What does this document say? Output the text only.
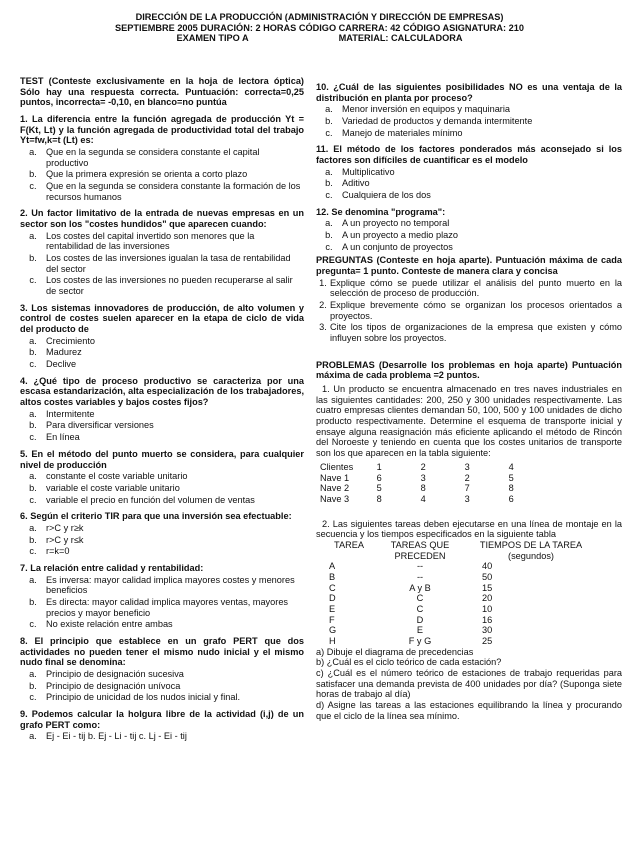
DIRECCIÓN DE LA PRODUCCIÓN (ADMINISTRACIÓN Y DIRECCIÓN DE EMPRESAS)
SEPTIEMBRE 2005 DURACIÓN: 2 HORAS CÓDIGO CARRERA: 42 CÓDIGO ASIGNATURA: 210
EXAMEN TIPO A	MATERIAL: CALCULADORA
TEST (Conteste exclusivamente en la hoja de lectora óptica) Sólo hay una respuesta correcta. Puntuación: correcta=0,25 puntos, incorrecta= -0,10, en blanco=no puntúa
1. La diferencia entre la función agregada de producción Yt = F(Kt, Lt) y la función agregada de productividad total del trabajo Yt=fw,k=t (Lt) es:
a. Que en la segunda se considera constante el capital productivo
b. Que la primera expresión se orienta a corto plazo
c.	Que en la segunda se considera constante la formación de los recursos humanos
2. Un factor limitativo de la entrada de nuevas empresas en un sector son los "costes hundidos" que aparecen cuando:
a. Los costes del capital invertido son menores que la rentabilidad de las inversiones
b. Los costes de las inversiones igualan la tasa de rentabilidad del sector
c.	Los costes de las inversiones no pueden recuperarse al salir de sector
3. Los sistemas innovadores de producción, de alto volumen y control de costes suelen aparecer en la etapa de ciclo de vida del producto de
a. Crecimiento
b. Madurez
c.	Declive
4. ¿Qué tipo de proceso productivo se caracteriza por una escasa estandarización, alta especialización de los trabajadores, altos costes variables y bajos costes fijos?
a. Intermitente
b. Para diversificar versiones
c.	En línea
5. En el método del punto muerto se considera, para cualquier nivel de producción
a. constante el coste variable unitario
b. variable el coste variable unitario
c.	variable el precio en función del volumen de ventas
6. Según el criterio TIR para que una inversión sea efectuable:
a. r>C y r≥k
b. r>C y r≤k
c.	r=k=0
7. La relación entre calidad y rentabilidad:
a. Es inversa: mayor calidad implica mayores costes y menores beneficios
b. Es directa: mayor calidad implica mayores ventas, mayores precios y mayor beneficio
c.	No existe relación entre ambas
8. El principio que establece en un grafo PERT que dos actividades no pueden tener el mismo nudo inicial y el mismo nudo final se denomina:
a. Principio de designación sucesiva
b. Principio de designación unívoca
c.	Principio de unicidad de los nudos inicial y final.
9. Podemos calcular la holgura libre de la actividad (i,j) de un grafo PERT como:
a. Ej - Ei - tij b. Ej - Li - tij c. Lj - Ei - tij
10. ¿Cuál de las siguientes posibilidades NO es una ventaja de la distribución en planta por proceso?
a. Menor inversión en equipos y maquinaria
b. Variedad de productos y demanda intermitente
c.	Manejo de materiales mínimo
11. El método de los factores ponderados más aconsejado si los factores son difíciles de cuantificar es el modelo
a. Multiplicativo
b. Aditivo
c.	Cualquiera de los dos
12. Se denomina "programa":
a. A un proyecto no temporal
b. A un proyecto a medio plazo
c.	A un conjunto de proyectos
PREGUNTAS (Conteste en hoja aparte). Puntuación máxima de cada pregunta= 1 punto. Conteste de manera clara y concisa
1. Explique cómo se puede utilizar el análisis del punto muerto en la selección de proceso de producción.
2. Explique brevemente cómo se organizan los procesos orientados a proyectos.
3. Cite los tipos de organizaciones de la empresa que existen y cómo influyen sobre los proyectos.
PROBLEMAS (Desarrolle los problemas en hoja aparte) Puntuación máxima de cada problema =2 puntos.
1. Un producto se encuentra almacenado en tres naves industriales en las siguientes cantidades: 200, 250 y 300 unidades respectivamente. Las cuatro empresas clientes demandan 50, 100, 500 y 100 unidades de dicho producto respectivamente. Determine el esquema de transporte inicial y ensaye alguna reasignación más eficiente aplicando el método de Rincón del Noroeste y teniendo en cuenta que los costes unitarios de transporte son los que aparecen en la tabla siguiente:
Clientes	1	2	3	4
Nave 1	6	3	2	5
Nave 2	5	8	7	8
Nave 3	8	4	3	6
2. Las siguientes tareas deben ejecutarse en una línea de montaje en la secuencia y los tiempos especificados en la siguiente tabla
TAREA	TAREAS QUE PRECEDEN	TIEMPOS DE LA TAREA (segundos)
A	--	40
B	--	50
C	A y B	15
D	C	20
E	C	10
F	D	16
G	E	30
H	F y G	25
a) Dibuje el diagrama de precedencias
b) ¿Cuál es el ciclo teórico de cada estación?
c) ¿Cuál es el número teórico de estaciones de trabajo requeridas para satisfacer una demanda prevista de 400 unidades por día? (Suponga siete horas de trabajo al día)
d) Asigne las tareas a las estaciones equilibrando la línea y procurando que el ciclo de la línea sea mínimo.
